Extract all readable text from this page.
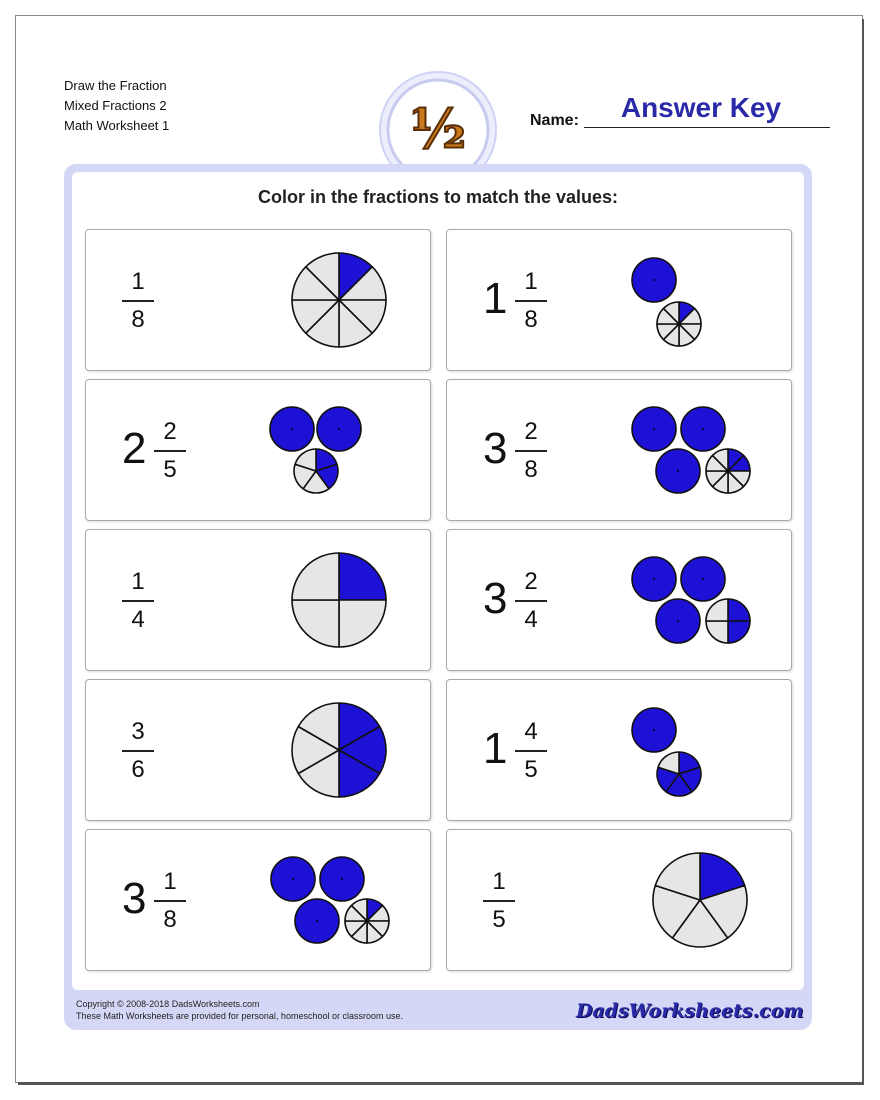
Draw the Fraction
Mixed Fractions 2
Math Worksheet 1	½	Name:	Answer Key
Color in the fractions to match the values:
1
8	1 1
8
2 2
5	3 2
8
1
4	3 2
4
3
6	1 4
5
3 1
8
1
5
Copyright © 2008-2018 DadsWorksheets.com
These Math Worksheets are provided for personal, homeschool or classroom use.	DadsWorksheets.com
